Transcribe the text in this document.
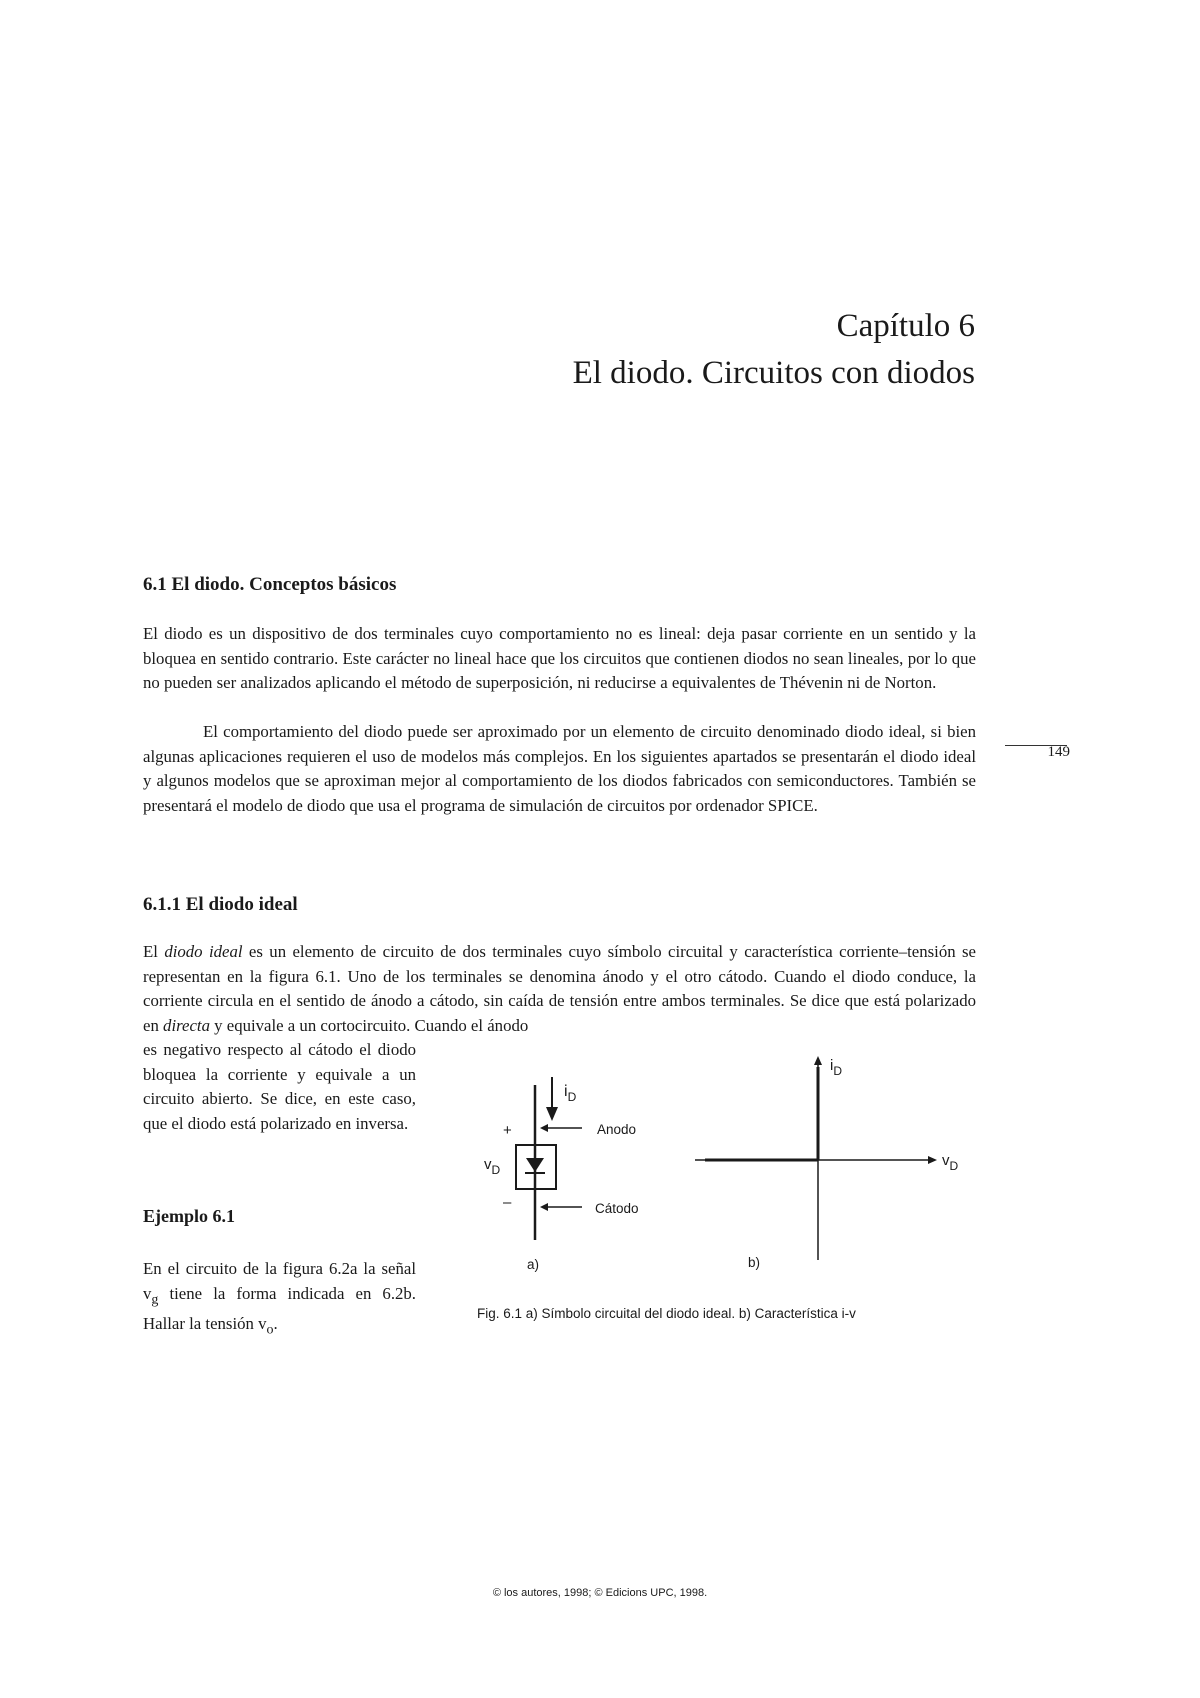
Capítulo 6
El diodo. Circuitos con diodos
6.1 El diodo. Conceptos básicos

El diodo es un dispositivo de dos terminales cuyo comportamiento no es lineal: deja pasar corriente en un sentido y la bloquea en sentido contrario. Este carácter no lineal hace que los circuitos que contienen diodos no sean lineales, por lo que no pueden ser analizados aplicando el método de superposición, ni reducirse a equivalentes de Thévenin ni de Norton.

El comportamiento del diodo puede ser aproximado por un elemento de circuito denominado diodo ideal, si bien algunas aplicaciones requieren el uso de modelos más complejos. En los siguientes apartados se presentarán el diodo ideal y algunos modelos que se aproximan mejor al comportamiento de los diodos fabricados con semiconductores. También se presentará el modelo de diodo que usa el programa de simulación de circuitos por ordenador SPICE.

149
6.1.1 El diodo ideal

El diodo ideal es un elemento de circuito de dos terminales cuyo símbolo circuital y característica corriente–tensión se representan en la figura 6.1. Uno de los terminales se denomina ánodo y el otro cátodo. Cuando el diodo conduce, la corriente circula en el sentido de ánodo a cátodo, sin caída de tensión entre ambos terminales. Se dice que está polarizado en directa y equivale a un cortocircuito. Cuando el ánodo

es negativo respecto al cátodo el diodo bloquea la corriente y equivale a un circuito abierto. Se dice, en este caso, que el diodo está polarizado en inversa.

Ejemplo 6.1

En el circuito de la figura 6.2a la señal $v_g$ tiene la forma indicada en 6.2b. Hallar la tensión $v_o$.

$i_D$
+
–
$v_D$
Anodo
Cátodo
a)
$i_D$
$v_D$
b)
Fig. 6.1 a) Símbolo circuital del diodo ideal. b) Característica i-v
© los autores, 1998; © Edicions UPC, 1998.
